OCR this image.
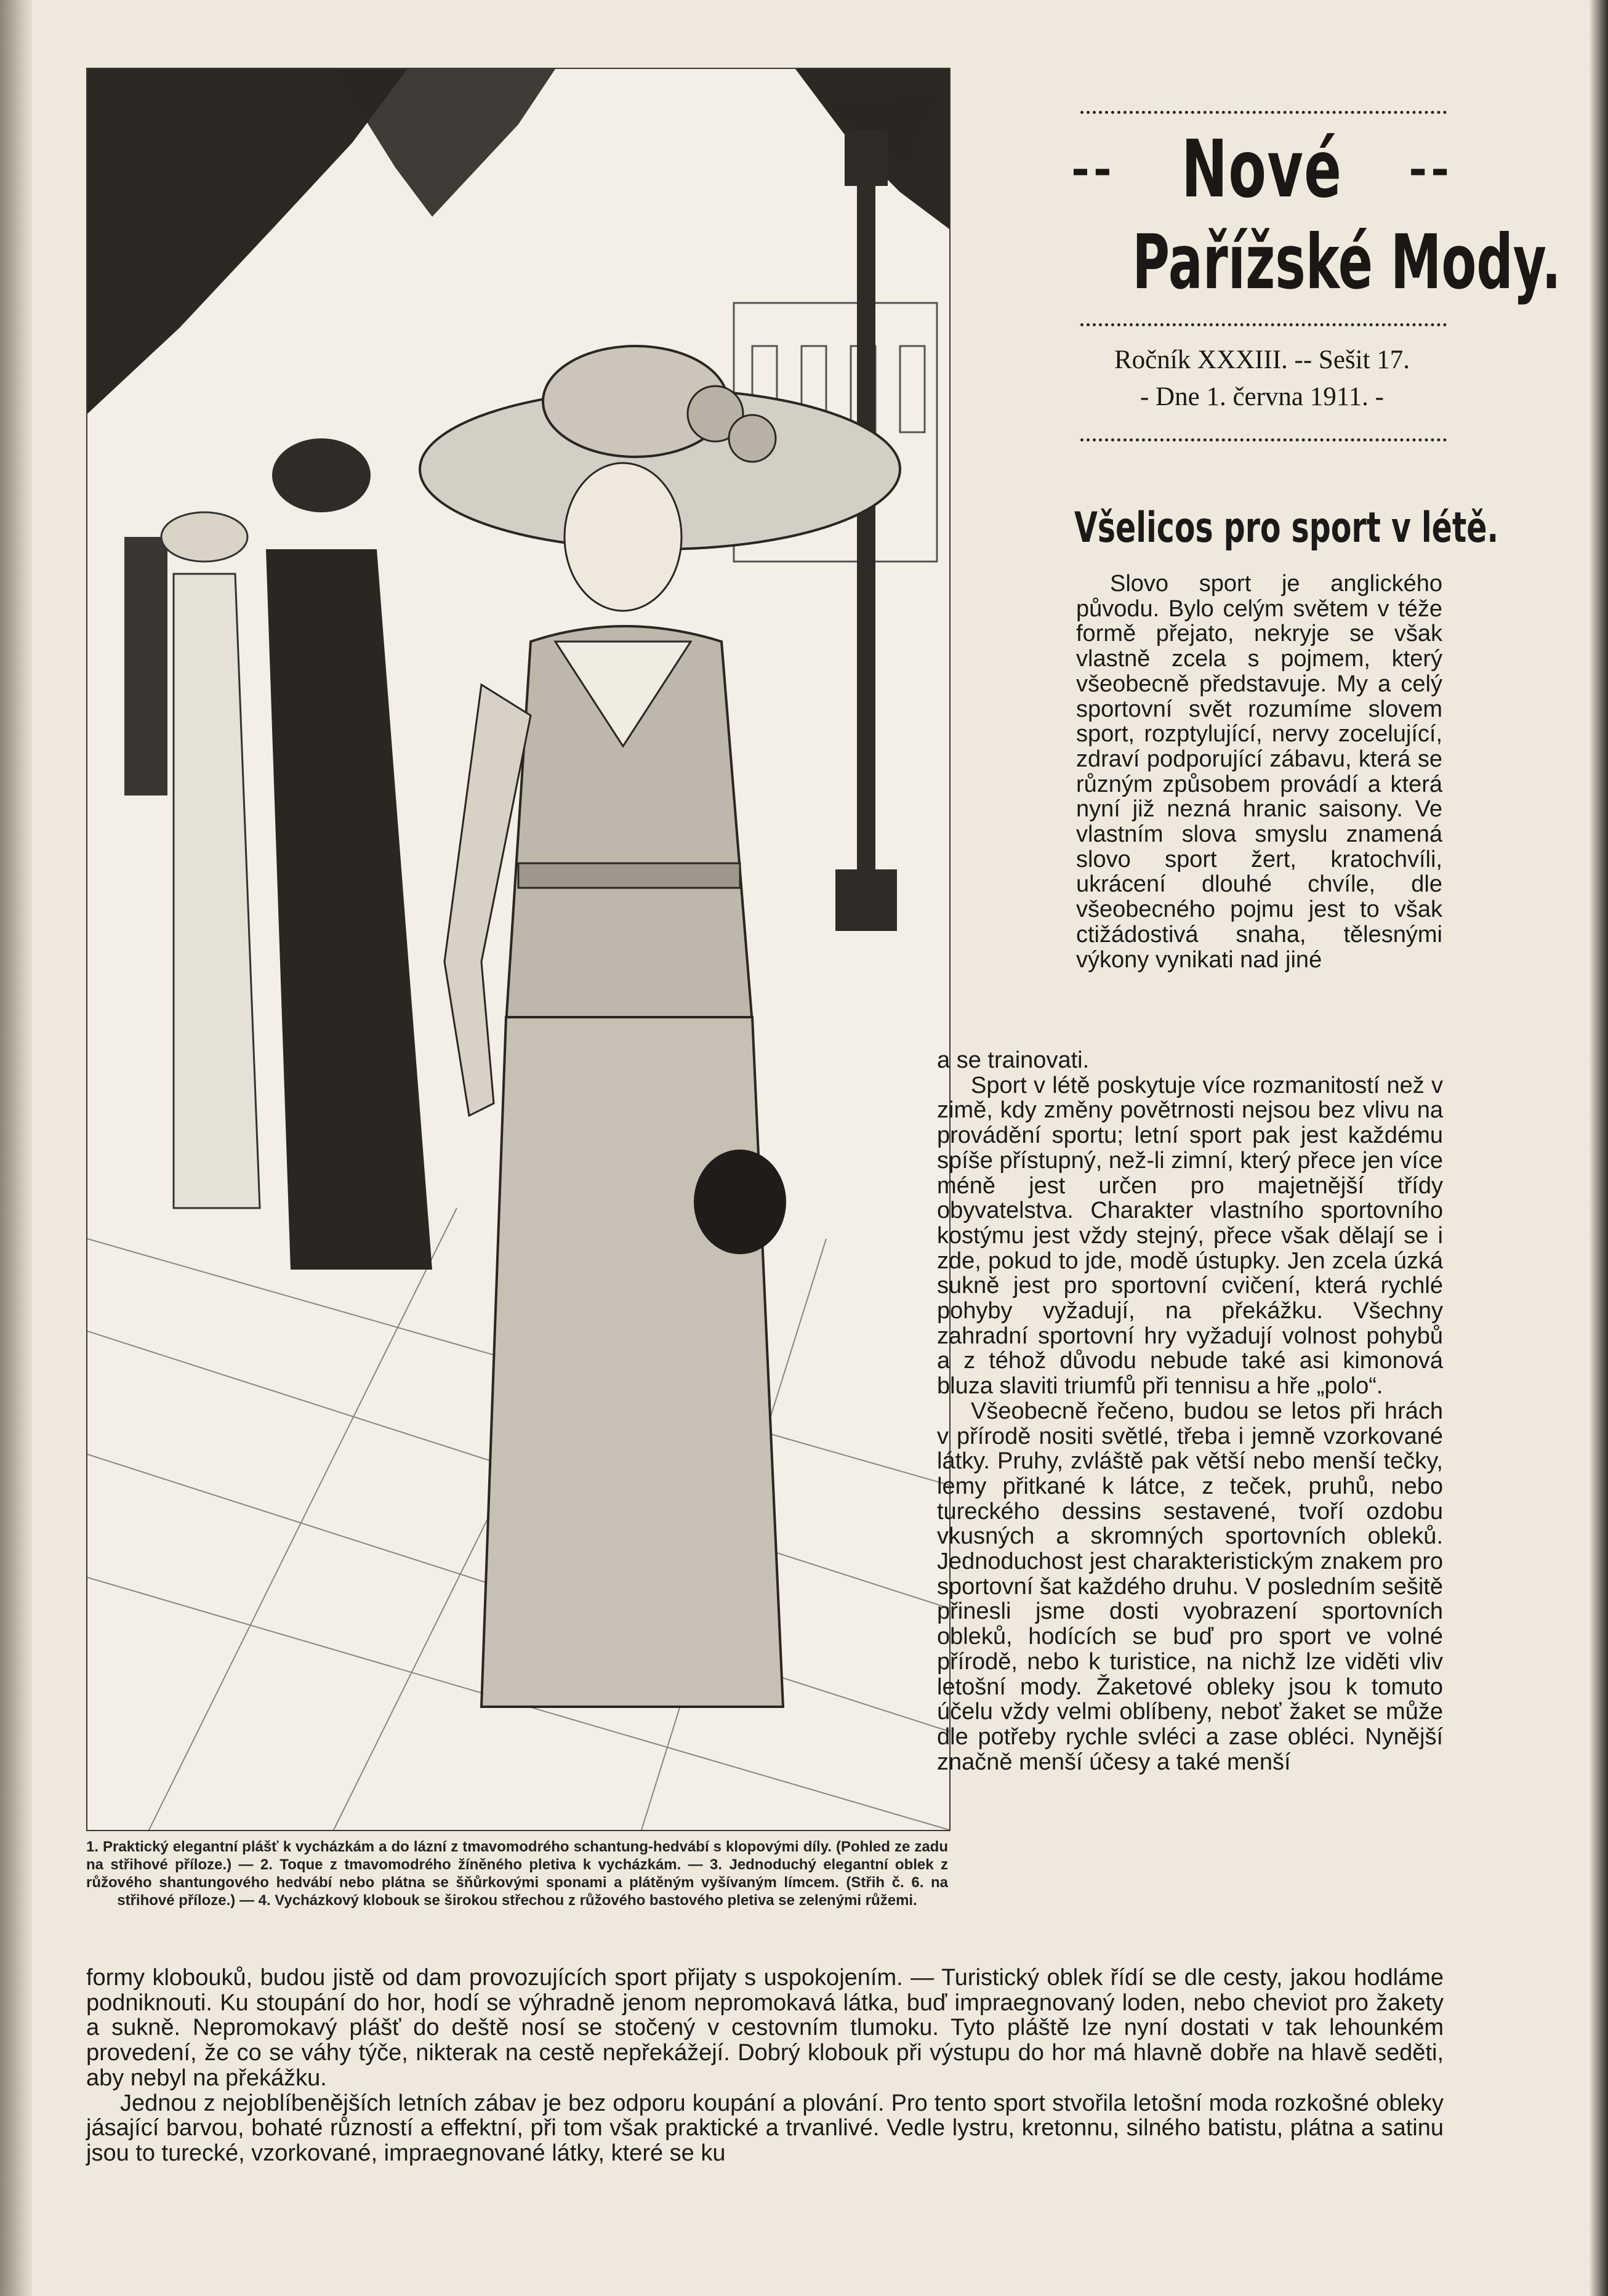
1. Praktický elegantní plášť k vycházkám a do lázní z tmavomodrého schantung-hedvábí s klopovými díly. (Pohled ze zadu na střihové příloze.) — 2. Toque z tmavomodrého žíněného pletiva k vycházkám. — 3. Jednoduchý elegantní oblek z růžového shantungového hedvábí nebo plátna se šňůrkovými sponami a plátěným vyšívaným límcem. (Střih č. 6. na střihové příloze.) — 4. Vycházkový klobouk se širokou střechou z růžového bastového pletiva se zelenými růžemi.
-- Nové --
Pařížské Mody.
Ročník XXXIII. -- Sešit 17.
- Dne 1. června 1911. -
Všelicos pro sport v létě.

Slovo sport je anglického původu. Bylo celým světem v téže formě přejato, nekryje se však vlastně zcela s pojmem, který všeobecně představuje. My a celý sportovní svět rozumíme slovem sport, rozptylující, nervy zocelující, zdraví podporující zábavu, která se různým způsobem provádí a která nyní již nezná hranic saisony. Ve vlastním slova smyslu znamená slovo sport žert, kratochvíli, ukrácení dlouhé chvíle, dle všeobecného pojmu jest to však ctižádostivá snaha, tělesnými výkony vynikati nad jiné

a se trainovati.

Sport v létě poskytuje více rozmanitostí než v zimě, kdy změny povětrnosti nejsou bez vlivu na provádění sportu; letní sport pak jest každému spíše přístupný, než-li zimní, který přece jen více méně jest určen pro majetnější třídy obyvatelstva. Charakter vlastního sportovního kostýmu jest vždy stejný, přece však dělají se i zde, pokud to jde, modě ústupky. Jen zcela úzká sukně jest pro sportovní cvičení, která rychlé pohyby vyžadují, na překážku. Všechny zahradní sportovní hry vyžadují volnost pohybů a z téhož důvodu nebude také asi kimonová bluza slaviti triumfů při tennisu a hře „polo“.

Všeobecně řečeno, budou se letos při hrách v přírodě nositi světlé, třeba i jemně vzorkované látky. Pruhy, zvláště pak větší nebo menší tečky, lemy přitkané k látce, z teček, pruhů, nebo tureckého dessins sestavené, tvoří ozdobu vkusných a skromných sportovních obleků. Jednoduchost jest charakteristickým znakem pro sportovní šat každého druhu. V posledním sešitě přinesli jsme dosti vyobrazení sportovních obleků, hodících se buď pro sport ve volné přírodě, nebo k turistice, na nichž lze viděti vliv letošní mody. Žaketové obleky jsou k tomuto účelu vždy velmi oblíbeny, neboť žaket se může dle potřeby rychle svléci a zase obléci. Nynější značně menší účesy a také menší

formy klobouků, budou jistě od dam provozujících sport přijaty s uspokojením. — Turistický oblek řídí se dle cesty, jakou hodláme podniknouti. Ku stoupání do hor, hodí se výhradně jenom nepromokavá látka, buď impraegnovaný loden, nebo cheviot pro žakety a sukně. Nepromokavý plášť do deště nosí se stočený v cestovním tlumoku. Tyto pláště lze nyní dostati v tak lehounkém provedení, že co se váhy týče, nikterak na cestě nepřekážejí. Dobrý klobouk při výstupu do hor má hlavně dobře na hlavě seděti, aby nebyl na překážku.

Jednou z nejoblíbenějších letních zábav je bez odporu koupání a plování. Pro tento sport stvořila letošní moda rozkošné obleky jásající barvou, bohaté růzností a effektní, při tom však praktické a trvanlivé. Vedle lystru, kretonnu, silného batistu, plátna a satinu jsou to turecké, vzorkované, impraegnované látky, které se ku
